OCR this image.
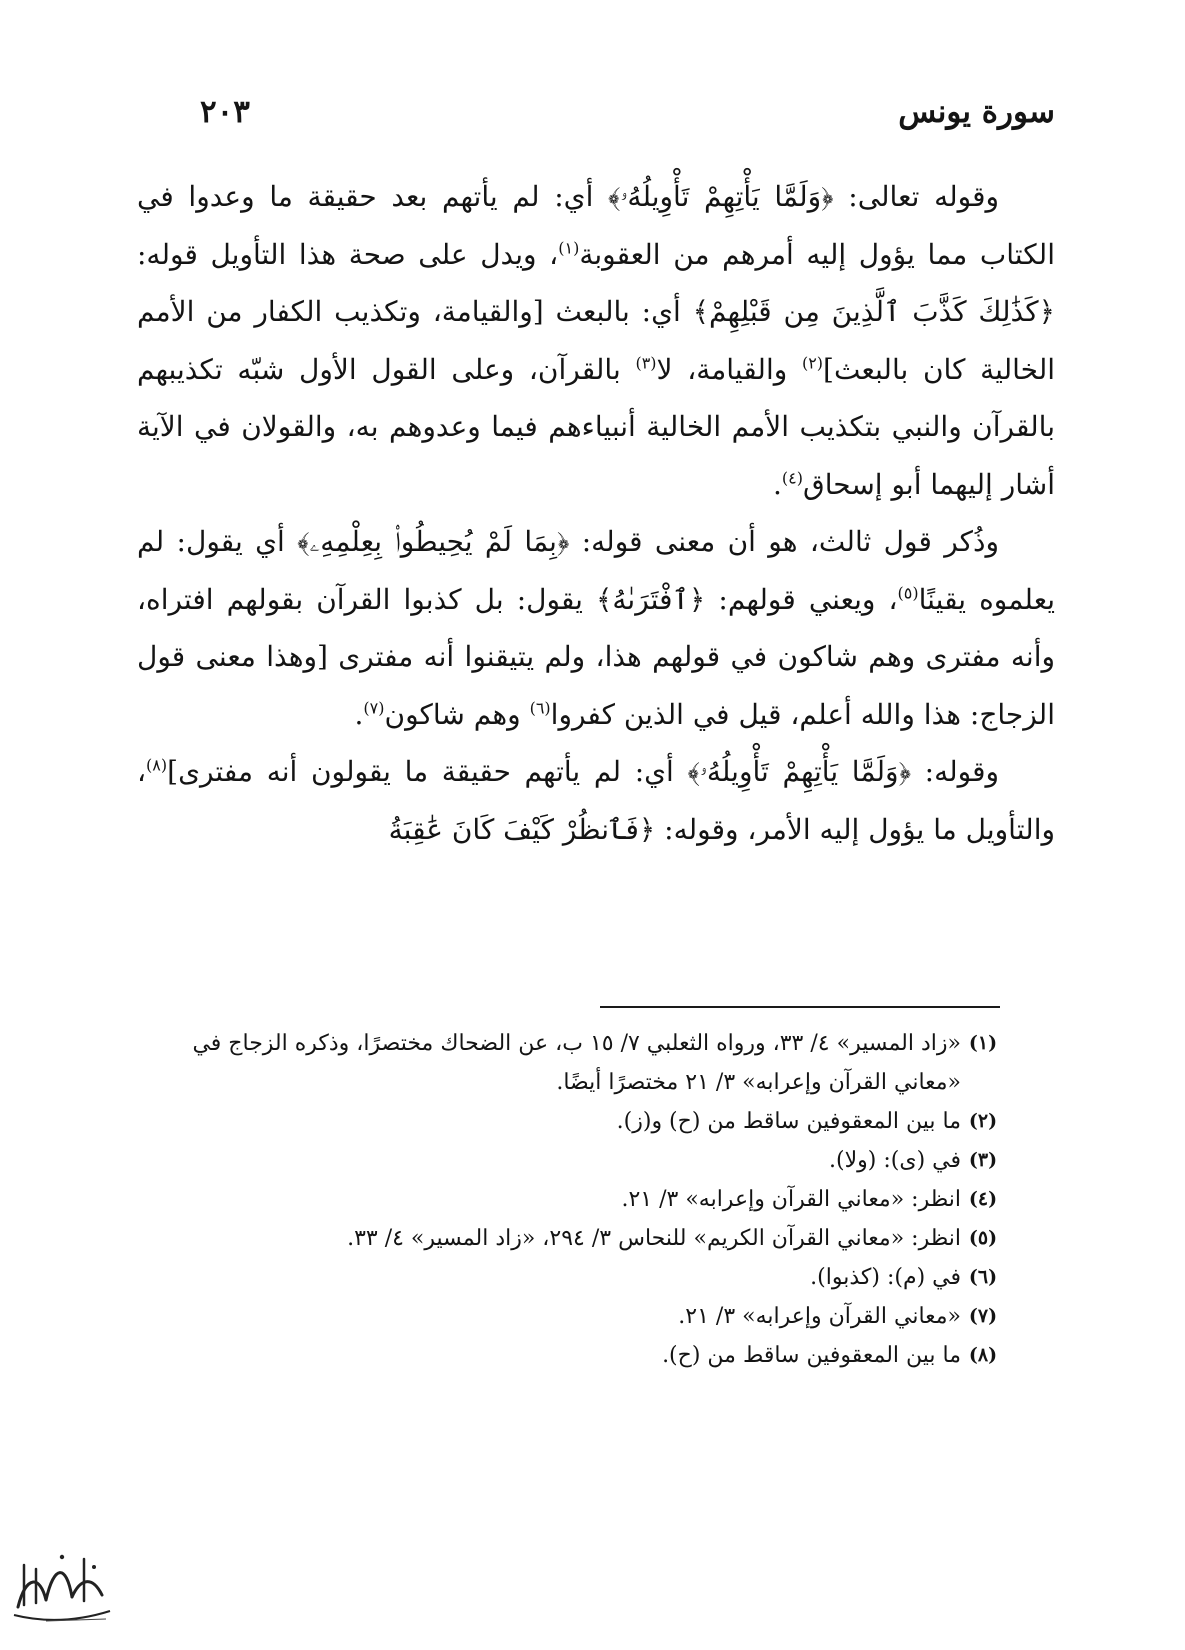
سورة يونس
٢٠٣

وقوله تعالى: ﴿وَلَمَّا يَأْتِهِمْ تَأْوِيلُهُۥ﴾ أي: لم يأتهم بعد حقيقة ما وعدوا في الكتاب مما يؤول إليه أمرهم من العقوبة$^{(١)}$، ويدل على صحة هذا التأويل قوله: ﴿كَذَٰلِكَ كَذَّبَ ٱلَّذِينَ مِن قَبْلِهِمْ﴾ أي: بالبعث [والقيامة، وتكذيب الكفار من الأمم الخالية كان بالبعث]$^{(٢)}$ والقيامة، لا$^{(٣)}$ بالقرآن، وعلى القول الأول شبّه تكذيبهم بالقرآن والنبي بتكذيب الأمم الخالية أنبياءهم فيما وعدوهم به، والقولان في الآية أشار إليهما أبو إسحاق$^{(٤)}$.

وذُكر قول ثالث، هو أن معنى قوله: ﴿بِمَا لَمْ يُحِيطُوا۟ بِعِلْمِهِۦ﴾ أي يقول: لم يعلموه يقينًا$^{(٥)}$، ويعني قولهم: ﴿ٱفْتَرَىٰهُ﴾ يقول: بل كذبوا القرآن بقولهم افتراه، وأنه مفترى وهم شاكون في قولهم هذا، ولم يتيقنوا أنه مفترى [وهذا معنى قول الزجاج: هذا والله أعلم، قيل في الذين كفروا$^{(٦)}$ وهم شاكون$^{(٧)}$.

وقوله: ﴿وَلَمَّا يَأْتِهِمْ تَأْوِيلُهُۥ﴾ أي: لم يأتهم حقيقة ما يقولون أنه مفترى]$^{(٨)}$، والتأويل ما يؤول إليه الأمر، وقوله: ﴿فَٱنظُرْ كَيْفَ كَانَ عَٰقِبَةُ

(١)
«زاد المسير» ٤/ ٣٣، ورواه الثعلبي ٧/ ١٥ ب، عن الضحاك مختصرًا، وذكره الزجاج في «معاني القرآن وإعرابه» ٣/ ٢١ مختصرًا أيضًا.
(٢)
ما بين المعقوفين ساقط من (ح) و(ز).
(٣)
في (ى): (ولا).
(٤)
انظر: «معاني القرآن وإعرابه» ٣/ ٢١.
(٥)
انظر: «معاني القرآن الكريم» للنحاس ٣/ ٢٩٤، «زاد المسير» ٤/ ٣٣.
(٦)
في (م): (كذبوا).
(٧)
«معاني القرآن وإعرابه» ٣/ ٢١.
(٨)
ما بين المعقوفين ساقط من (ح).
